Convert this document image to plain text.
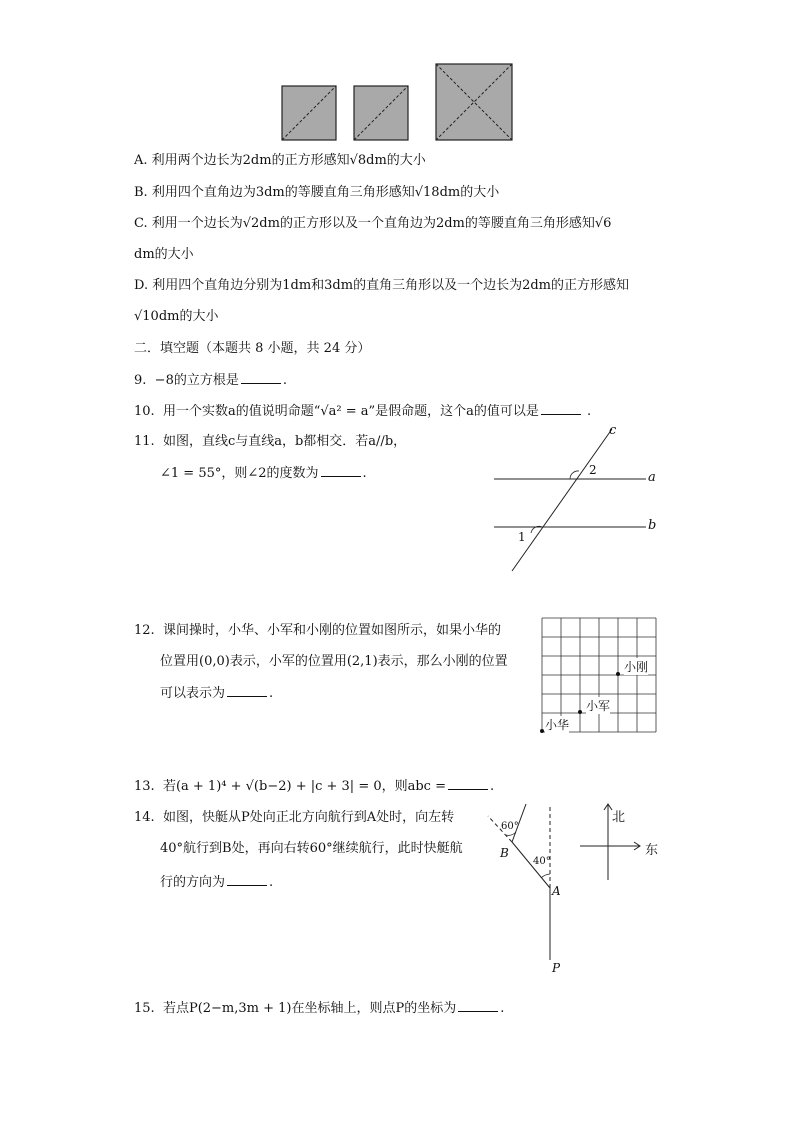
A. 利用两个边长为2dm的正方形感知√8dm的大小
B. 利用四个直角边为3dm的等腰直角三角形感知√18dm的大小
C. 利用一个边长为√2dm的正方形以及一个直角边为2dm的等腰直角三角形感知√6
dm的大小
D. 利用四个直角边分别为1dm和3dm的直角三角形以及一个边长为2dm的正方形感知
√10dm的大小
二．填空题（本题共 8 小题，共 24 分）
9. −8的立方根是	.
10. 用一个实数a的值说明命题“√a² = a”是假命题，这个a的值可以是	.
11. 如图，直线c与直线a，b都相交．若a//b，
∠1 = 55°，则∠2的度数为	.
c
a
b
2
1
12. 课间操时，小华、小军和小刚的位置如图所示，如果小华的
位置用(0,0)表示，小军的位置用(2,1)表示，那么小刚的位置
可以表示为	.
小刚
小军
小华
13. 若(a + 1)⁴ + √(b−2) + |c + 3| = 0，则abc =	.
14. 如图，快艇从P处向正北方向航行到A处时，向左转
40°航行到B处，再向右转60°继续航行，此时快艇航
行的方向为	.
60°
40°
B
A
P
北
东
15. 若点P(2−m,3m + 1)在坐标轴上，则点P的坐标为	.
